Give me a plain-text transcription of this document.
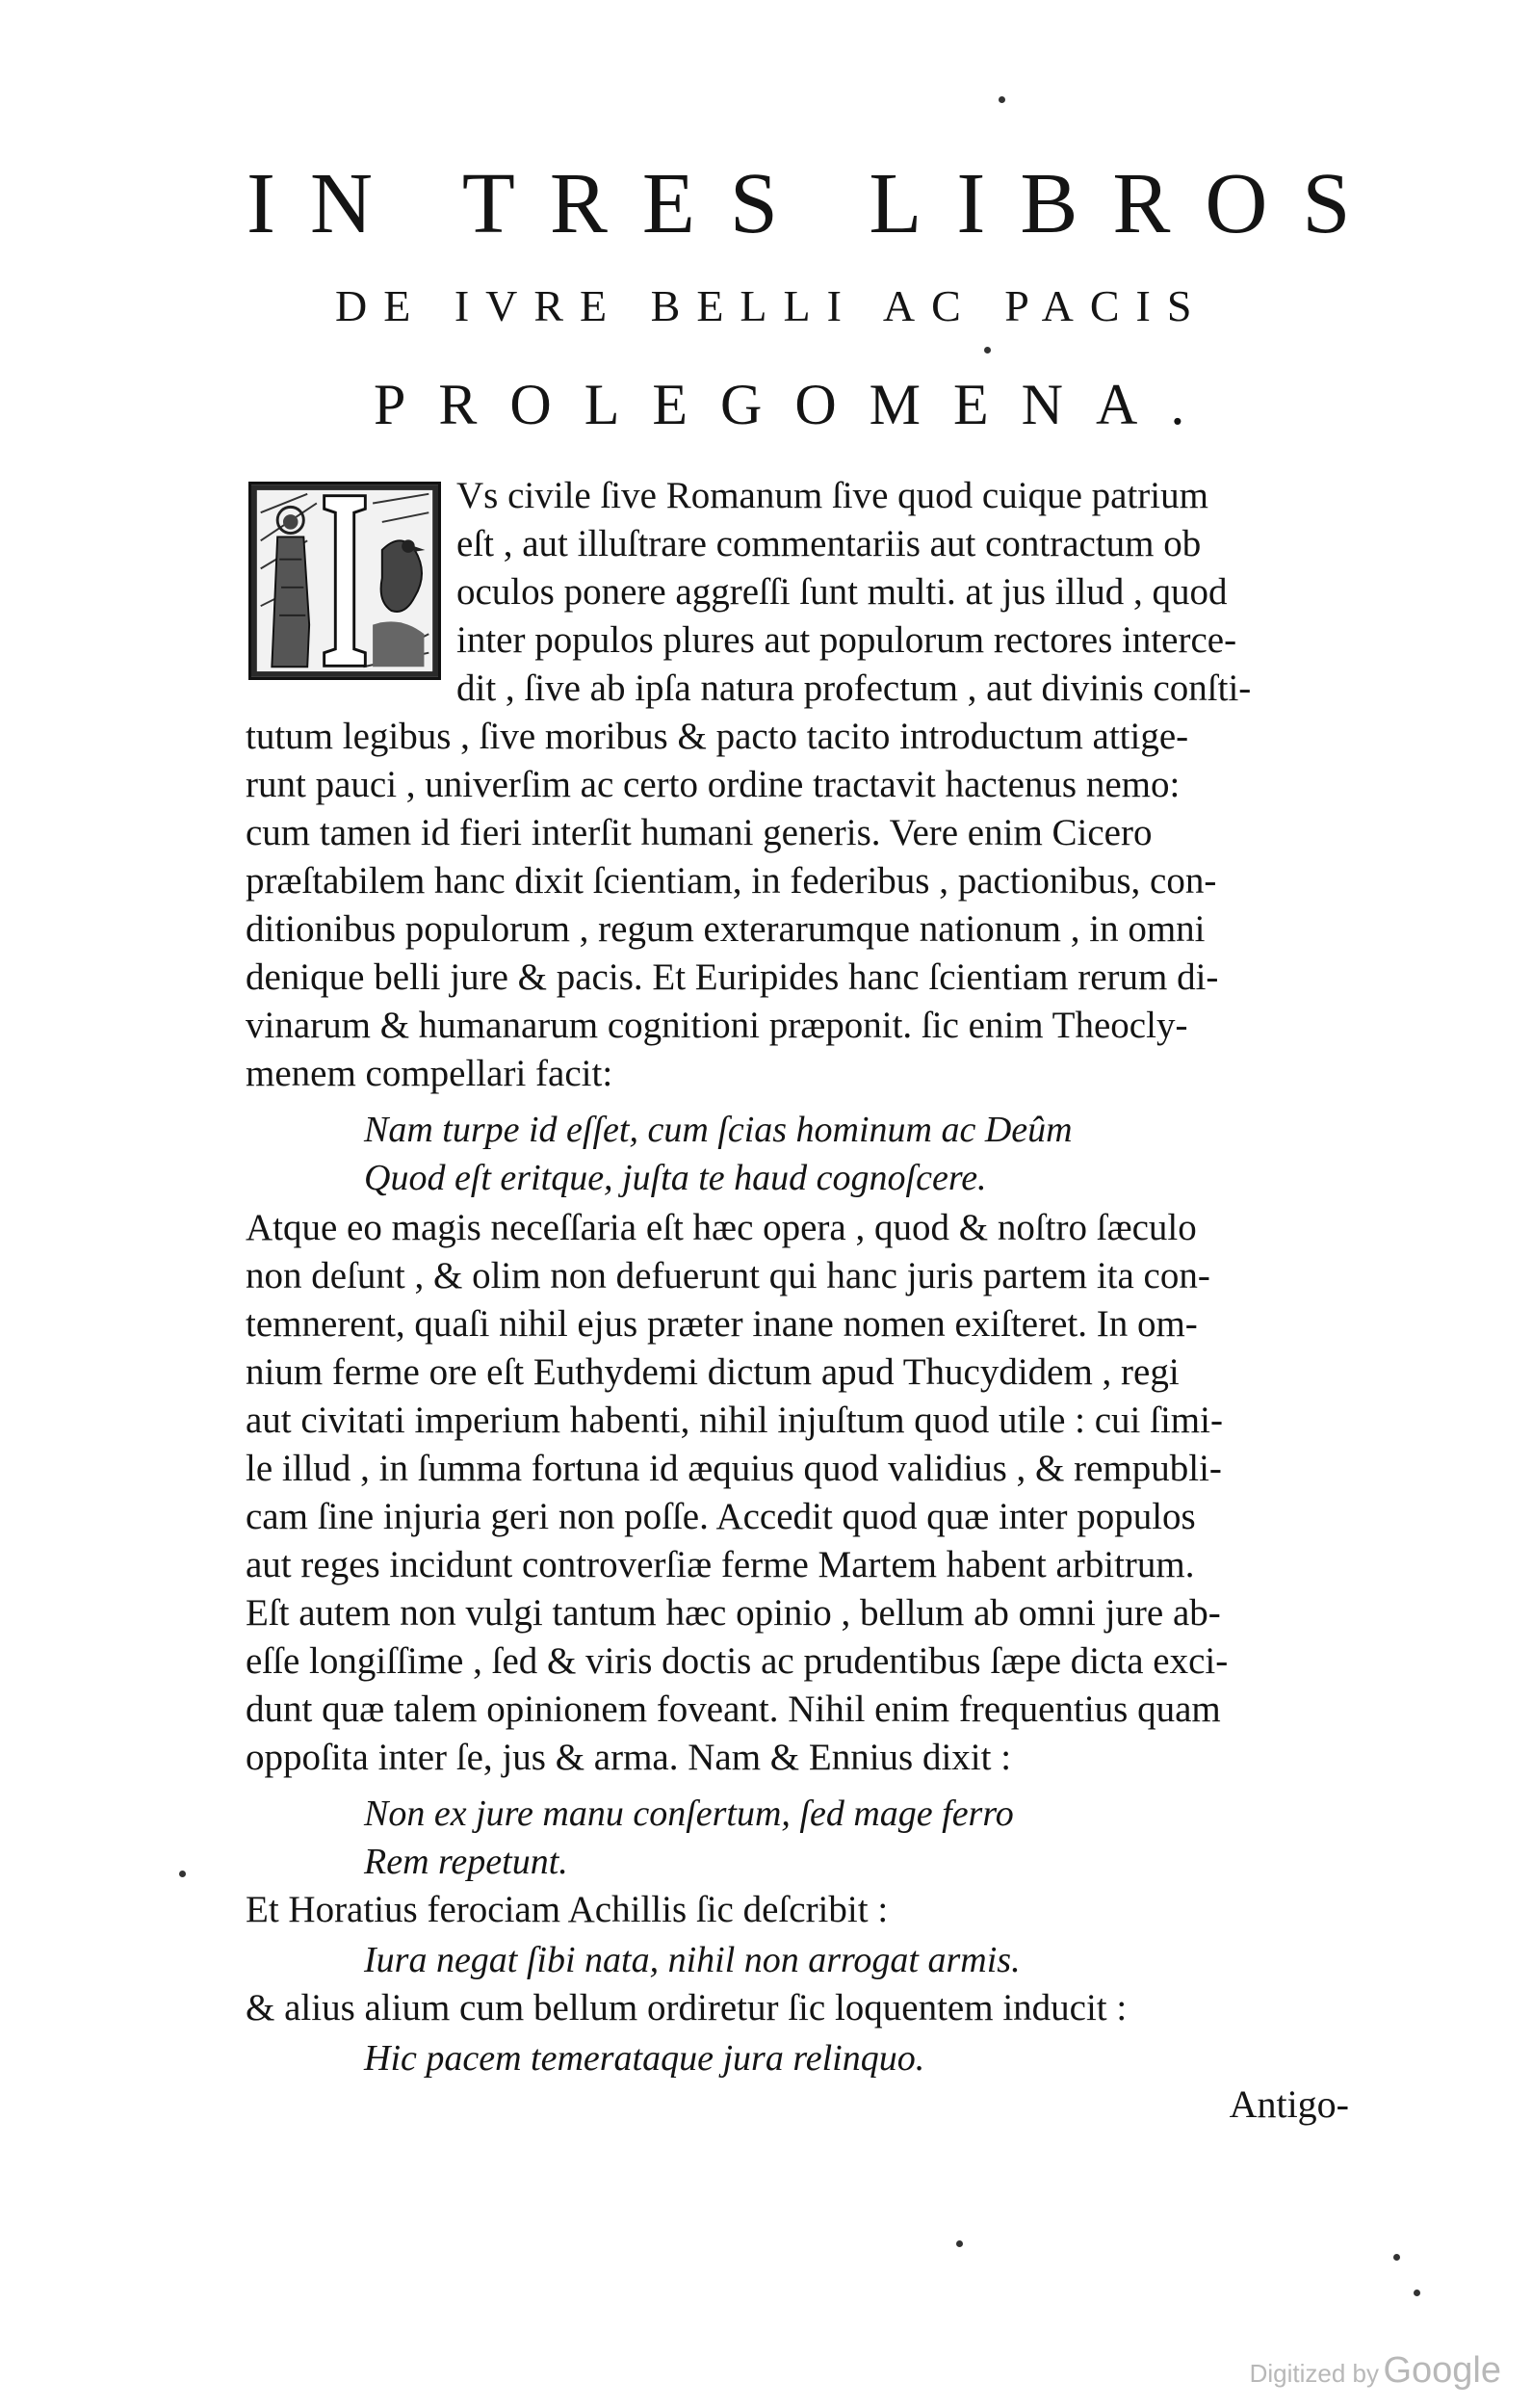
IN TRES LIBROS
DE IVRE BELLI AC PACIS
PROLEGOMENA.
Vs civile ſive Romanum ſive quod cuique patrium
eſt , aut illuſtrare commentariis aut contractum ob
oculos ponere aggreſſi ſunt multi. at jus illud , quod
inter populos plures aut populorum rectores interce-
dit , ſive ab ipſa natura profectum , aut divinis conſti-
tutum legibus , ſive moribus & pacto tacito introductum attige-
runt pauci , univerſim ac certo ordine tractavit hactenus nemo:
cum tamen id fieri interſit humani generis. Vere enim Cicero
præſtabilem hanc dixit ſcientiam, in federibus , pactionibus, con-
ditionibus populorum , regum exterarumque nationum , in omni
denique belli jure & pacis. Et Euripides hanc ſcientiam rerum di-
vinarum & humanarum cognitioni præponit. ſic enim Theocly-
menem compellari facit:
Nam turpe id eſſet, cum ſcias hominum ac Deûm
Quod eſt eritque, juſta te haud cognoſcere.
Atque eo magis neceſſaria eſt hæc opera , quod & noſtro ſæculo
non deſunt , & olim non defuerunt qui hanc juris partem ita con-
temnerent, quaſi nihil ejus præter inane nomen exiſteret. In om-
nium ferme ore eſt Euthydemi dictum apud Thucydidem , regi
aut civitati imperium habenti, nihil injuſtum quod utile : cui ſimi-
le illud , in ſumma fortuna id æquius quod validius , & rempubli-
cam ſine injuria geri non poſſe. Accedit quod quæ inter populos
aut reges incidunt controverſiæ ferme Martem habent arbitrum.
Eſt autem non vulgi tantum hæc opinio , bellum ab omni jure ab-
eſſe longiſſime , ſed & viris doctis ac prudentibus ſæpe dicta exci-
dunt quæ talem opinionem foveant. Nihil enim frequentius quam
oppoſita inter ſe, jus & arma. Nam & Ennius dixit :
Non ex jure manu conſertum, ſed mage ferro
Rem repetunt.
Et Horatius ferociam Achillis ſic deſcribit :
Iura negat ſibi nata, nihil non arrogat armis.
& alius alium cum bellum ordiretur ſic loquentem inducit :
Hic pacem temerataque jura relinquo.
Antigo-
Digitized by Google
